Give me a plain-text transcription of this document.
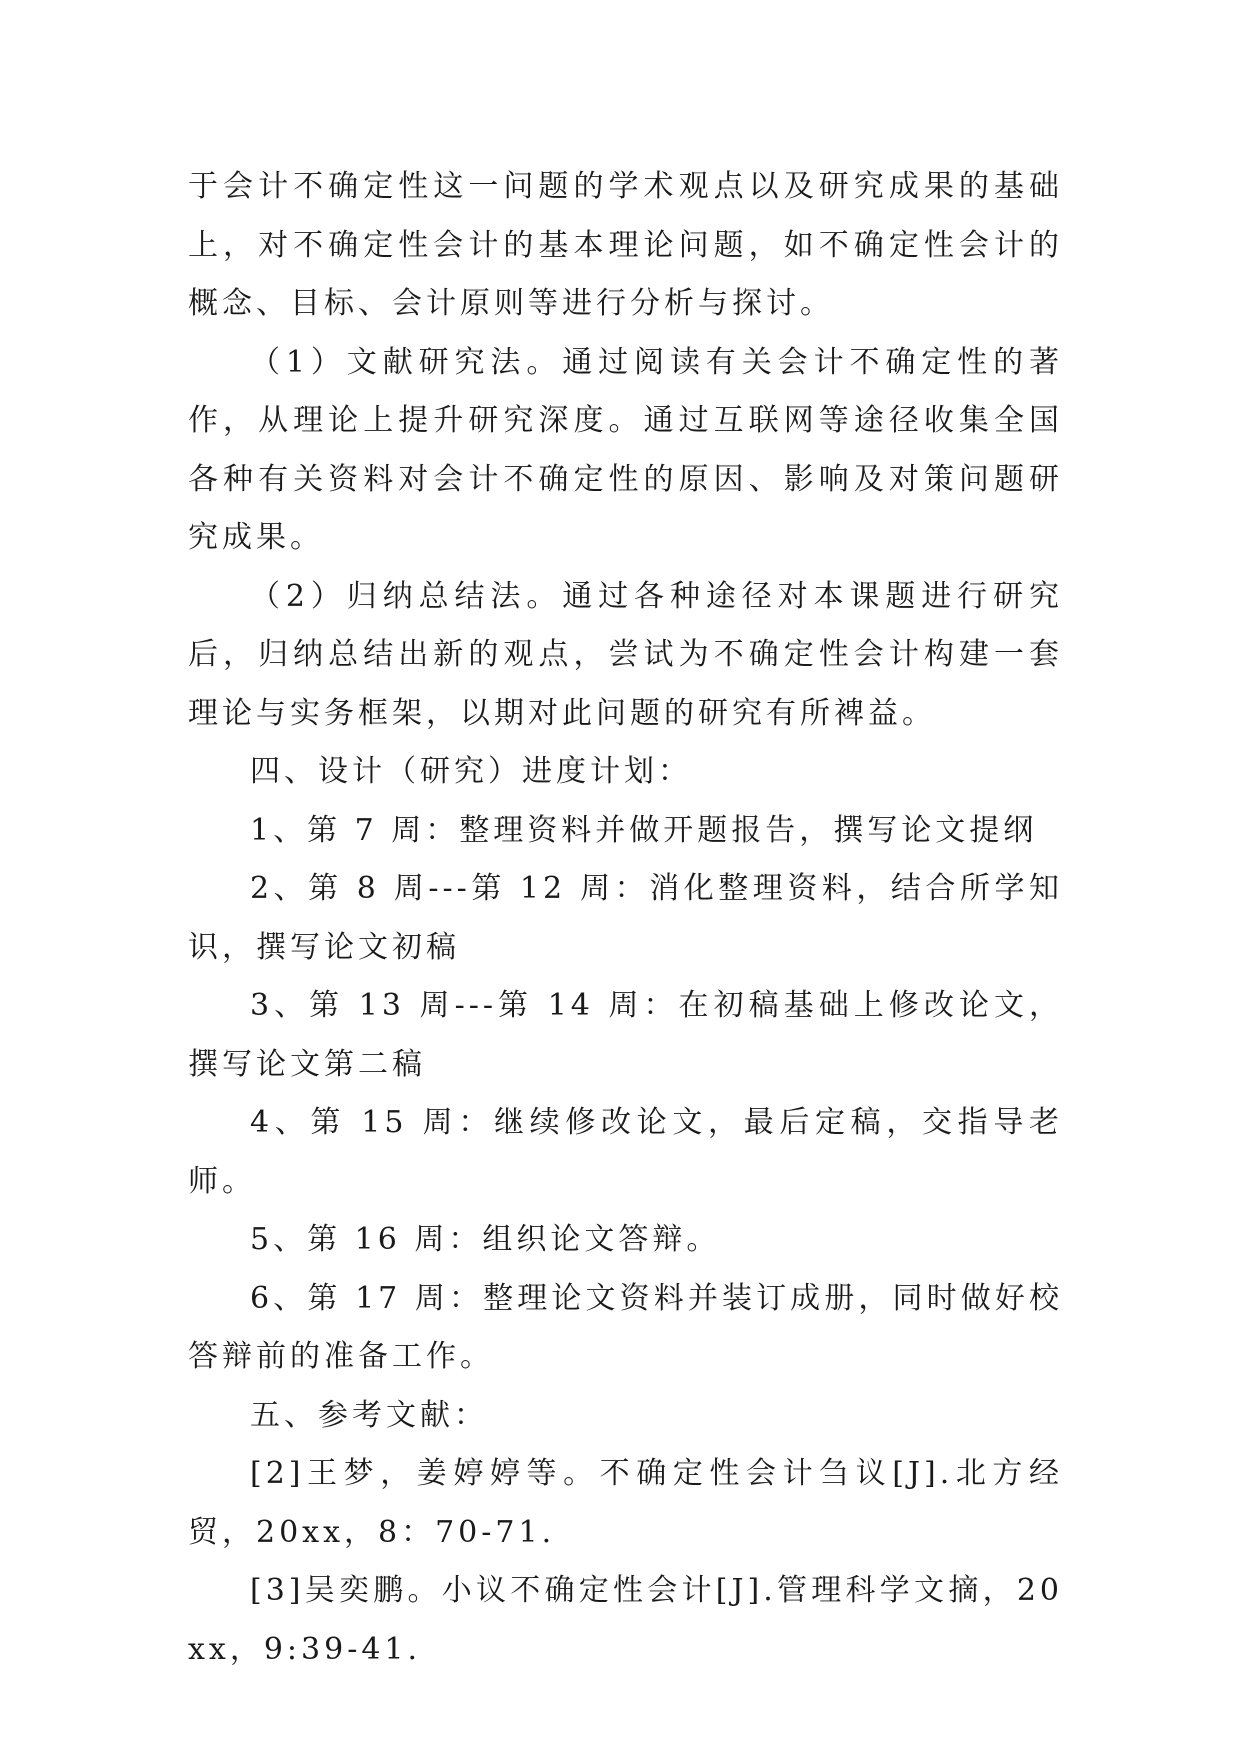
于会计不确定性这一问题的学术观点以及研究成果的基础上，对不确定性会计的基本理论问题，如不确定性会计的概念、目标、会计原则等进行分析与探讨。

（1）文献研究法。通过阅读有关会计不确定性的著作，从理论上提升研究深度。通过互联网等途径收集全国各种有关资料对会计不确定性的原因、影响及对策问题研究成果。

（2）归纳总结法。通过各种途径对本课题进行研究后，归纳总结出新的观点，尝试为不确定性会计构建一套理论与实务框架，以期对此问题的研究有所裨益。

四、设计（研究）进度计划：

1、第 7 周：整理资料并做开题报告，撰写论文提纲

2、第 8 周---第 12 周：消化整理资料，结合所学知识，撰写论文初稿

3、第 13 周---第 14 周：在初稿基础上修改论文，撰写论文第二稿

4、第 15 周：继续修改论文，最后定稿，交指导老师。

5、第 16 周：组织论文答辩。

6、第 17 周：整理论文资料并装订成册，同时做好校答辩前的准备工作。

五、参考文献：

[2]王梦，姜婷婷等。不确定性会计刍议[J].北方经贸，20xx，8：70-71.

[3]吴奕鹏。小议不确定性会计[J].管理科学文摘，20xx，9:39-41.
